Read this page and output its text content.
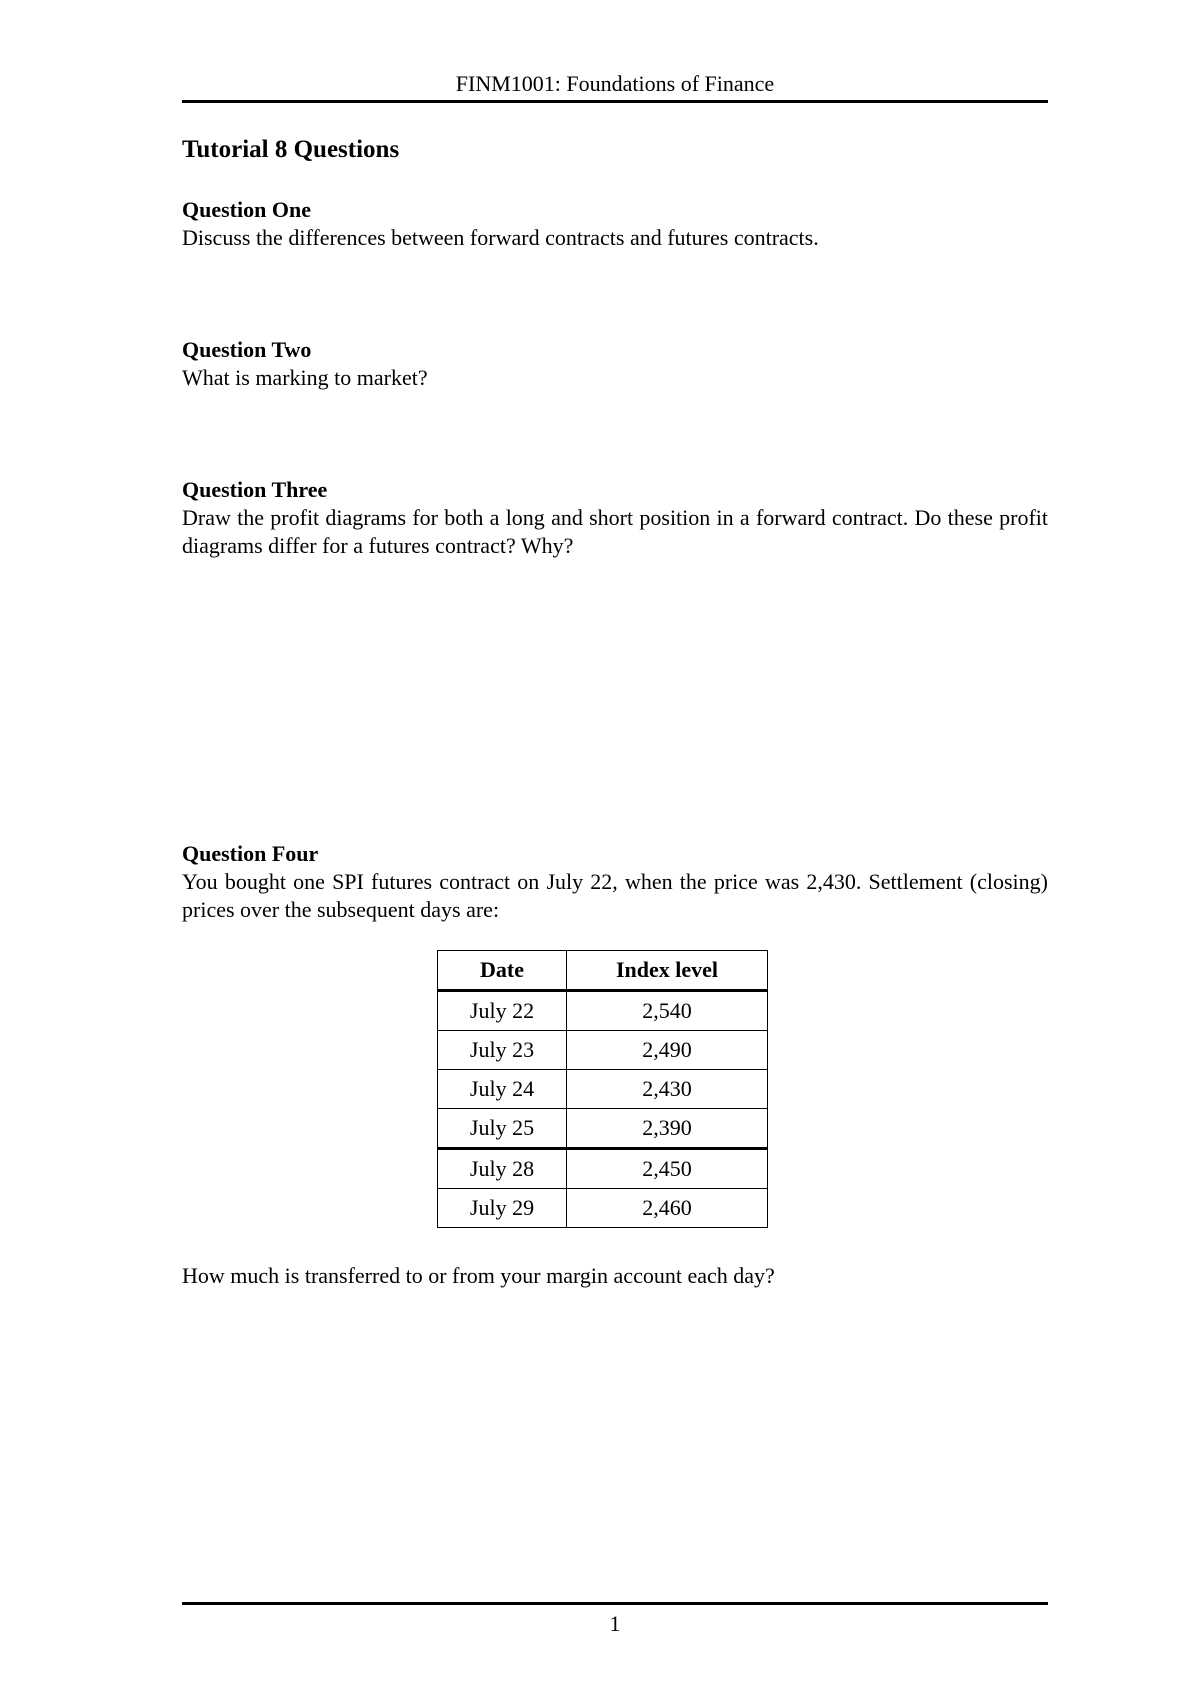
FINM1001: Foundations of Finance
Tutorial 8 Questions
Question One

Discuss the differences between forward contracts and futures contracts.

Question Two

What is marking to market?

Question Three

Draw the profit diagrams for both a long and short position in a forward contract. Do these profit diagrams differ for a futures contract? Why?

Question Four

You bought one SPI futures contract on July 22, when the price was 2,430. Settlement (closing) prices over the subsequent days are:

Date	Index level
July 22	2,540
July 23	2,490
July 24	2,430
July 25	2,390
July 28	2,450
July 29	2,460
How much is transferred to or from your margin account each day?
1
